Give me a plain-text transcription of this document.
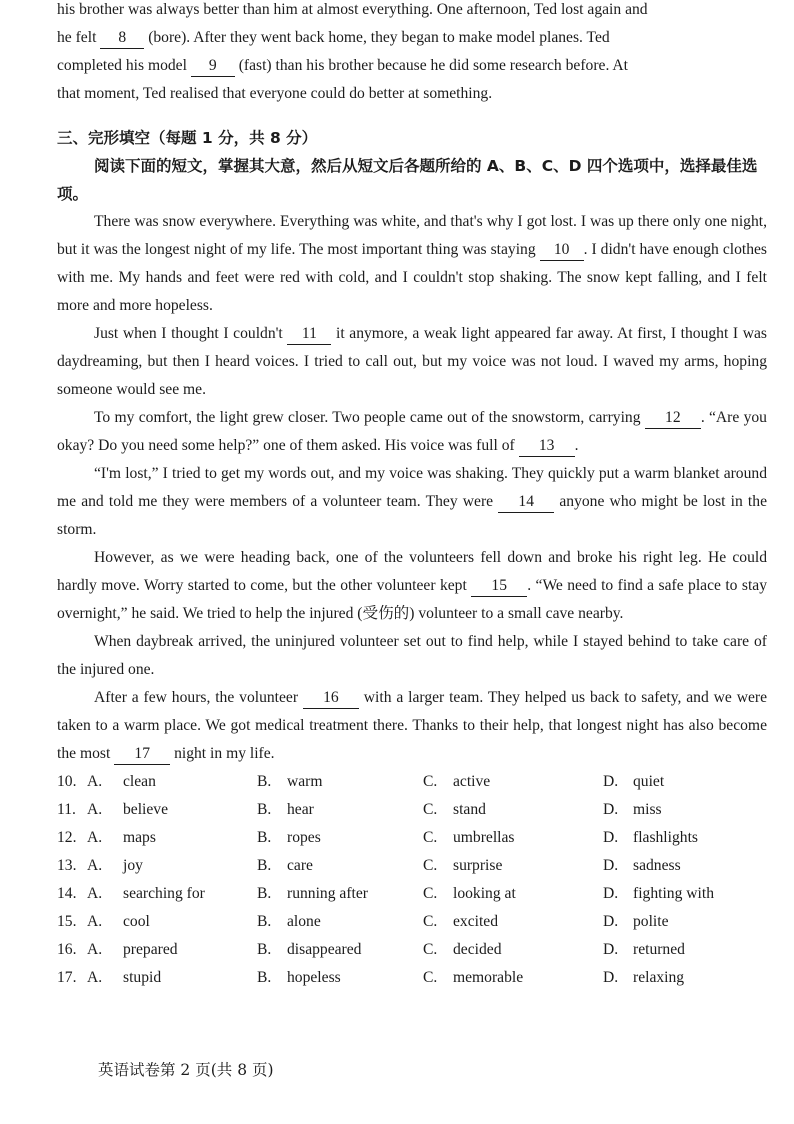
his brother was always better than him at almost everything. One afternoon, Ted lost again and

he felt 8 (bore). After they went back home, they began to make model planes. Ted

completed his model 9 (fast) than his brother because he did some research before. At

that moment, Ted realised that everyone could do better at something.

三、完形填空（每题 1 分，共 8 分）
阅读下面的短文，掌握其大意，然后从短文后各题所给的 A、B、C、D 四个选项中，选择最佳选项。

There was snow everywhere. Everything was white, and that's why I got lost. I was up there only one night, but it was the longest night of my life. The most important thing was staying 10 . I didn't have enough clothes with me. My hands and feet were red with cold, and I couldn't stop shaking. The snow kept falling, and I felt more and more hopeless.

Just when I thought I couldn't 11 it anymore, a weak light appeared far away. At first, I thought I was daydreaming, but then I heard voices. I tried to call out, but my voice was not loud. I waved my arms, hoping someone would see me.

To my comfort, the light grew closer. Two people came out of the snowstorm, carrying 12 . “Are you okay? Do you need some help?” one of them asked. His voice was full of 13 .

“I'm lost,” I tried to get my words out, and my voice was shaking. They quickly put a warm blanket around me and told me they were members of a volunteer team. They were 14 anyone who might be lost in the storm.

However, as we were heading back, one of the volunteers fell down and broke his right leg. He could hardly move. Worry started to come, but the other volunteer kept 15 . “We need to find a safe place to stay overnight,” he said. We tried to help the injured (受伤的) volunteer to a small cave nearby.

When daybreak arrived, the uninjured volunteer set out to find help, while I stayed behind to take care of the injured one.

After a few hours, the volunteer 16 with a larger team. They helped us back to safety, and we were taken to a warm place. We got medical treatment there. Thanks to their help, that longest night has also become the most 17 night in my life.

10. A.	clean	B.	warm	C.	active	D. quiet
11. A.	believe	B.	hear	C.	stand	D. miss
12. A.	maps	B.	ropes	C.	umbrellas	D. flashlights
13. A.	joy	B.	care	C.	surprise	D. sadness
14. A.	searching for	B.	running after	C.	looking at	D. fighting with
15. A.	cool	B.	alone	C.	excited	D. polite
16. A.	prepared	B.	disappeared	C.	decided	D. returned
17. A.	stupid	B.	hopeless	C.	memorable	D. relaxing
英语试卷第 2 页(共 8 页)
